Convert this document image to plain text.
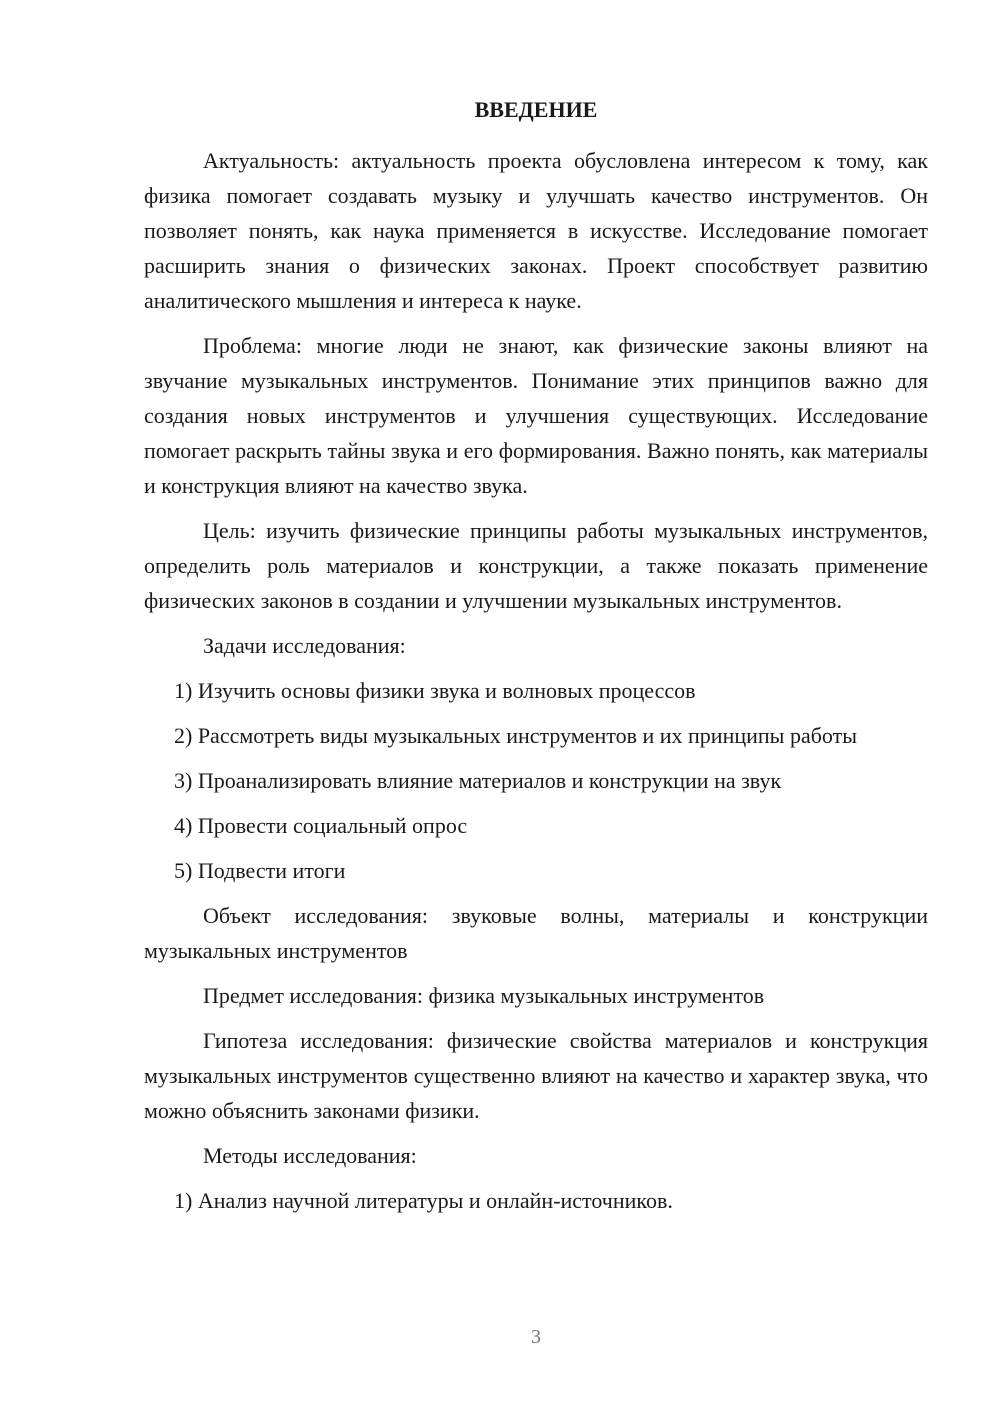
ВВЕДЕНИЕ

Актуальность: актуальность проекта обусловлена интересом к тому, как физика помогает создавать музыку и улучшать качество инструментов. Он позволяет понять, как наука применяется в искусстве. Исследование помогает расширить знания о физических законах. Проект способствует развитию аналитического мышления и интереса к науке.

Проблема: многие люди не знают, как физические законы влияют на звучание музыкальных инструментов. Понимание этих принципов важно для создания новых инструментов и улучшения существующих. Исследование помогает раскрыть тайны звука и его формирования. Важно понять, как материалы и конструкция влияют на качество звука.

Цель: изучить физические принципы работы музыкальных инструментов, определить роль материалов и конструкции, а также показать применение физических законов в создании и улучшении музыкальных инструментов.

Задачи исследования:

1) Изучить основы физики звука и волновых процессов

2) Рассмотреть виды музыкальных инструментов и их принципы работы

3) Проанализировать влияние материалов и конструкции на звук

4) Провести социальный опрос

5) Подвести итоги

Объект исследования: звуковые волны, материалы и конструкции музыкальных инструментов

Предмет исследования: физика музыкальных инструментов

Гипотеза исследования: физические свойства материалов и конструкция музыкальных инструментов существенно влияют на качество и характер звука, что можно объяснить законами физики.

Методы исследования:

1) Анализ научной литературы и онлайн-источников.

3
